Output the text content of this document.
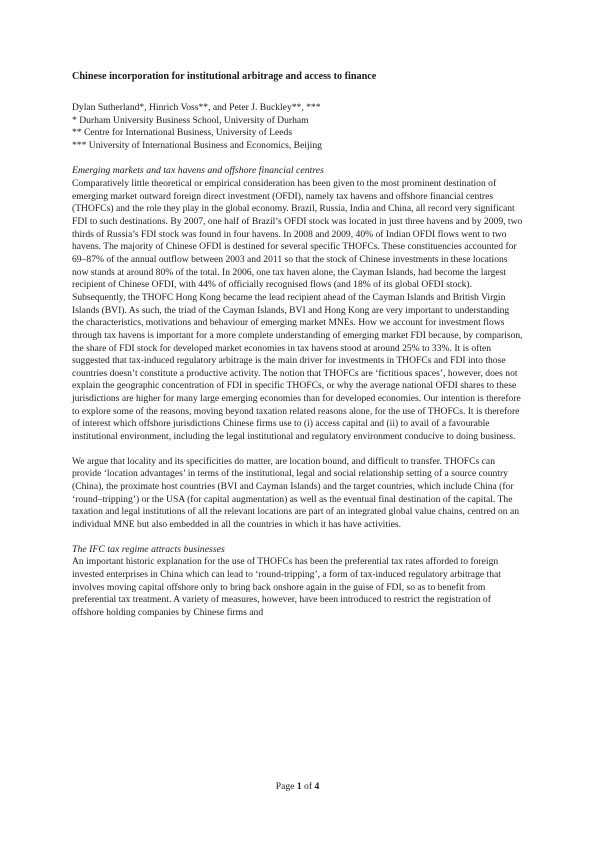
Chinese incorporation for institutional arbitrage and access to finance

Dylan Sutherland*, Hinrich Voss**, and Peter J. Buckley**, ***

* Durham University Business School, University of Durham

** Centre for International Business, University of Leeds

*** University of International Business and Economics, Beijing

Emerging markets and tax havens and offshore financial centres

Comparatively little theoretical or empirical consideration has been given to the most prominent destination of emerging market outward foreign direct investment (OFDI), namely tax havens and offshore financial centres (THOFCs) and the role they play in the global economy. Brazil, Russia, India and China, all record very significant FDI to such destinations. By 2007, one half of Brazil’s OFDI stock was located in just three havens and by 2009, two thirds of Russia’s FDI stock was found in four havens. In 2008 and 2009, 40% of Indian OFDI flows went to two havens. The majority of Chinese OFDI is destined for several specific THOFCs. These constituencies accounted for 69–87% of the annual outflow between 2003 and 2011 so that the stock of Chinese investments in these locations now stands at around 80% of the total. In 2006, one tax haven alone, the Cayman Islands, had become the largest recipient of Chinese OFDI, with 44% of officially recognised flows (and 18% of its global OFDI stock). Subsequently, the THOFC Hong Kong became the lead recipient ahead of the Cayman Islands and British Virgin Islands (BVI). As such, the triad of the Cayman Islands, BVI and Hong Kong are very important to understanding the characteristics, motivations and behaviour of emerging market MNEs. How we account for investment flows through tax havens is important for a more complete understanding of emerging market FDI because, by comparison, the share of FDI stock for developed market economies in tax havens stood at around 25% to 33%. It is often suggested that tax-induced regulatory arbitrage is the main driver for investments in THOFCs and FDI into those countries doesn’t constitute a productive activity. The notion that THOFCs are ‘fictitious spaces’, however, does not explain the geographic concentration of FDI in specific THOFCs, or why the average national OFDI shares to these jurisdictions are higher for many large emerging economies than for developed economies. Our intention is therefore to explore some of the reasons, moving beyond taxation related reasons alone, for the use of THOFCs. It is therefore of interest which offshore jurisdictions Chinese firms use to (i) access capital and (ii) to avail of a favourable institutional environment, including the legal institutional and regulatory environment conducive to doing business.

We argue that locality and its specificities do matter, are location bound, and difficult to transfer. THOFCs can provide ‘location advantages’ in terms of the institutional, legal and social relationship setting of a source country (China), the proximate host countries (BVI and Cayman Islands) and the target countries, which include China (for ‘round–tripping’) or the USA (for capital augmentation) as well as the eventual final destination of the capital. The taxation and legal institutions of all the relevant locations are part of an integrated global value chains, centred on an individual MNE but also embedded in all the countries in which it has have activities.

The IFC tax regime attracts businesses

An important historic explanation for the use of THOFCs has been the preferential tax rates afforded to foreign invested enterprises in China which can lead to ‘round-tripping’, a form of tax-induced regulatory arbitrage that involves moving capital offshore only to bring back onshore again in the guise of FDI, so as to benefit from preferential tax treatment. A variety of measures, however, have been introduced to restrict the registration of offshore holding companies by Chinese firms and

Page 1 of 4
